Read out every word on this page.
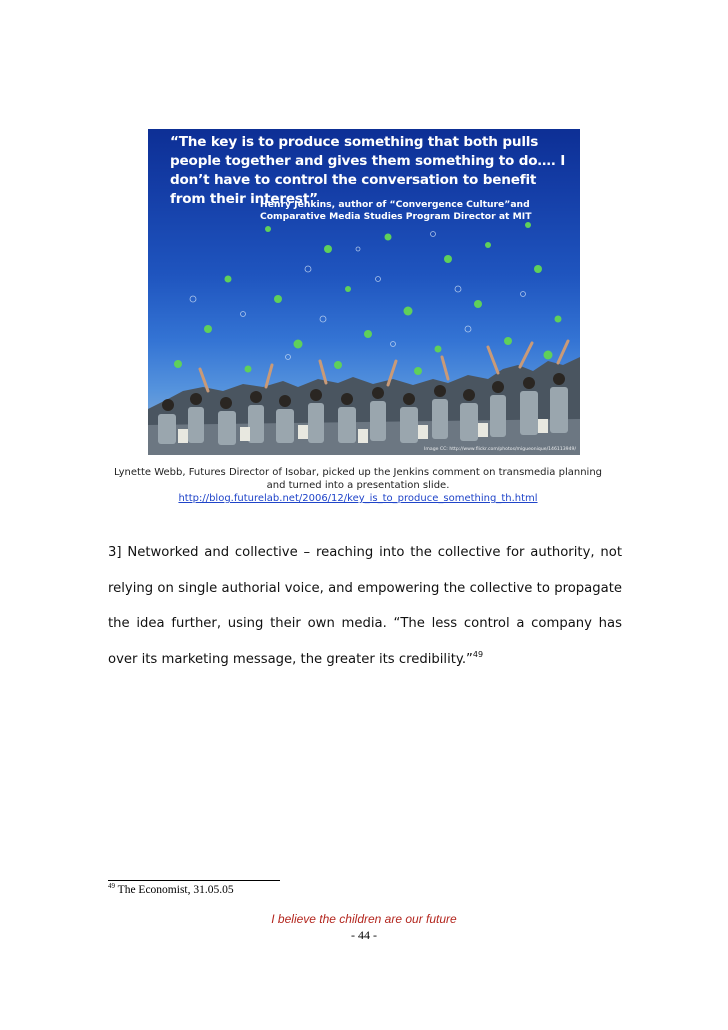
“The key is to produce something that both pulls people together and gives them something to do…. I don’t have to control the conversation to benefit from their interest”
Henry Jenkins, author of “Convergence Culture”and
Comparative Media Studies Program Director at MIT
Image CC: http://www.flickr.com/photos/migueonique/146113949/
Lynette Webb, Futures Director of Isobar, picked up the Jenkins comment on transmedia planning
and turned into a presentation slide.
http://blog.futurelab.net/2006/12/key_is_to_produce_something_th.html
3] Networked and collective – reaching into the collective for authority, not relying on single authorial voice, and empowering the collective to propagate the idea further, using their own media. “The less control a company has over its marketing message, the greater its credibility.”$^{49}$
$^{49}$ The Economist, 31.05.05
I believe the children are our future
- 44 -
